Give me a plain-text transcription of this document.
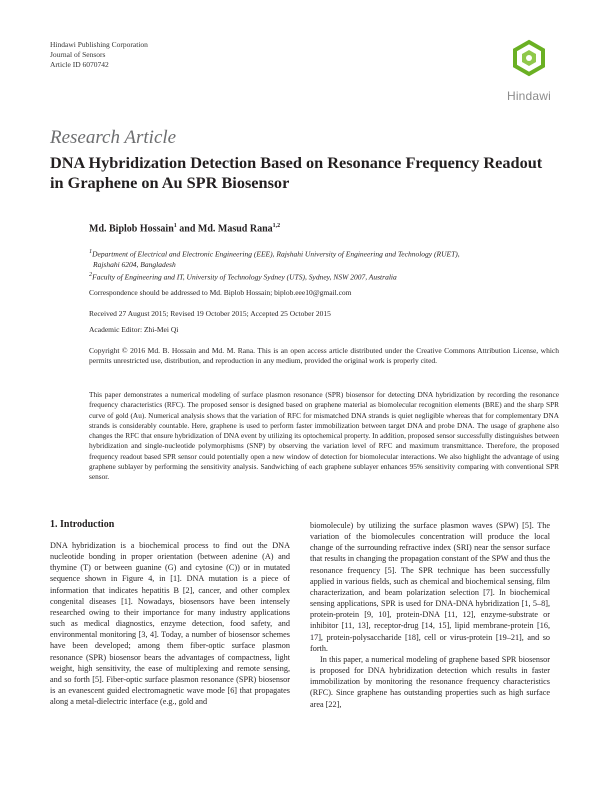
Hindawi Publishing Corporation
Journal of Sensors
Article ID 6070742
Hindawi
Research Article
DNA Hybridization Detection Based on Resonance Frequency Readout in Graphene on Au SPR Biosensor
Md. Biplob Hossain$^1$ and Md. Masud Rana$^{1,2}$
$^1$Department of Electrical and Electronic Engineering (EEE), Rajshahi University of Engineering and Technology (RUET),
Rajshahi 6204, Bangladesh
$^2$Faculty of Engineering and IT, University of Technology Sydney (UTS), Sydney, NSW 2007, Australia
Correspondence should be addressed to Md. Biplob Hossain; biplob.eee10@gmail.com
Received 27 August 2015; Revised 19 October 2015; Accepted 25 October 2015
Academic Editor: Zhi-Mei Qi
Copyright © 2016 Md. B. Hossain and Md. M. Rana. This is an open access article distributed under the Creative Commons Attribution License, which permits unrestricted use, distribution, and reproduction in any medium, provided the original work is properly cited.
This paper demonstrates a numerical modeling of surface plasmon resonance (SPR) biosensor for detecting DNA hybridization by recording the resonance frequency characteristics (RFC). The proposed sensor is designed based on graphene material as biomolecular recognition elements (BRE) and the sharp SPR curve of gold (Au). Numerical analysis shows that the variation of RFC for mismatched DNA strands is quiet negligible whereas that for complementary DNA strands is considerably countable. Here, graphene is used to perform faster immobilization between target DNA and probe DNA. The usage of graphene also changes the RFC that ensure hybridization of DNA event by utilizing its optochemical property. In addition, proposed sensor successfully distinguishes between hybridization and single-nucleotide polymorphisms (SNP) by observing the variation level of RFC and maximum transmittance. Therefore, the proposed frequency readout based SPR sensor could potentially open a new window of detection for biomolecular interactions. We also highlight the advantage of using graphene sublayer by performing the sensitivity analysis. Sandwiching of each graphene sublayer enhances 95% sensitivity comparing with conventional SPR sensor.
1. Introduction

DNA hybridization is a biochemical process to find out the DNA nucleotide bonding in proper orientation (between adenine (A) and thymine (T) or between guanine (G) and cytosine (C)) or in mutated sequence shown in Figure 4, in [1]. DNA mutation is a piece of information that indicates hepatitis B [2], cancer, and other complex congenital diseases [1]. Nowadays, biosensors have been intensely researched owing to their importance for many industry applications such as medical diagnostics, enzyme detection, food safety, and environmental monitoring [3, 4]. Today, a number of biosensor schemes have been developed; among them fiber-optic surface plasmon resonance (SPR) biosensor bears the advantages of compactness, light weight, high sensitivity, the ease of multiplexing and remote sensing, and so forth [5]. Fiber-optic surface plasmon resonance (SPR) biosensor is an evanescent guided electromagnetic wave mode [6] that propagates along a metal-dielectric interface (e.g., gold and

biomolecule) by utilizing the surface plasmon waves (SPW) [5]. The variation of the biomolecules concentration will produce the local change of the surrounding refractive index (SRI) near the sensor surface that results in changing the propagation constant of the SPW and thus the resonance frequency [5]. The SPR technique has been successfully applied in various fields, such as chemical and biochemical sensing, film characterization, and beam polarization selection [7]. In biochemical sensing applications, SPR is used for DNA-DNA hybridization [1, 5–8], protein-protein [9, 10], protein-DNA [11, 12], enzyme-substrate or inhibitor [11, 13], receptor-drug [14, 15], lipid membrane-protein [16, 17], protein-polysaccharide [18], cell or virus-protein [19–21], and so forth.

In this paper, a numerical modeling of graphene based SPR biosensor is proposed for DNA hybridization detection which results in faster immobilization by monitoring the resonance frequency characteristics (RFC). Since graphene has outstanding properties such as high surface area [22],
